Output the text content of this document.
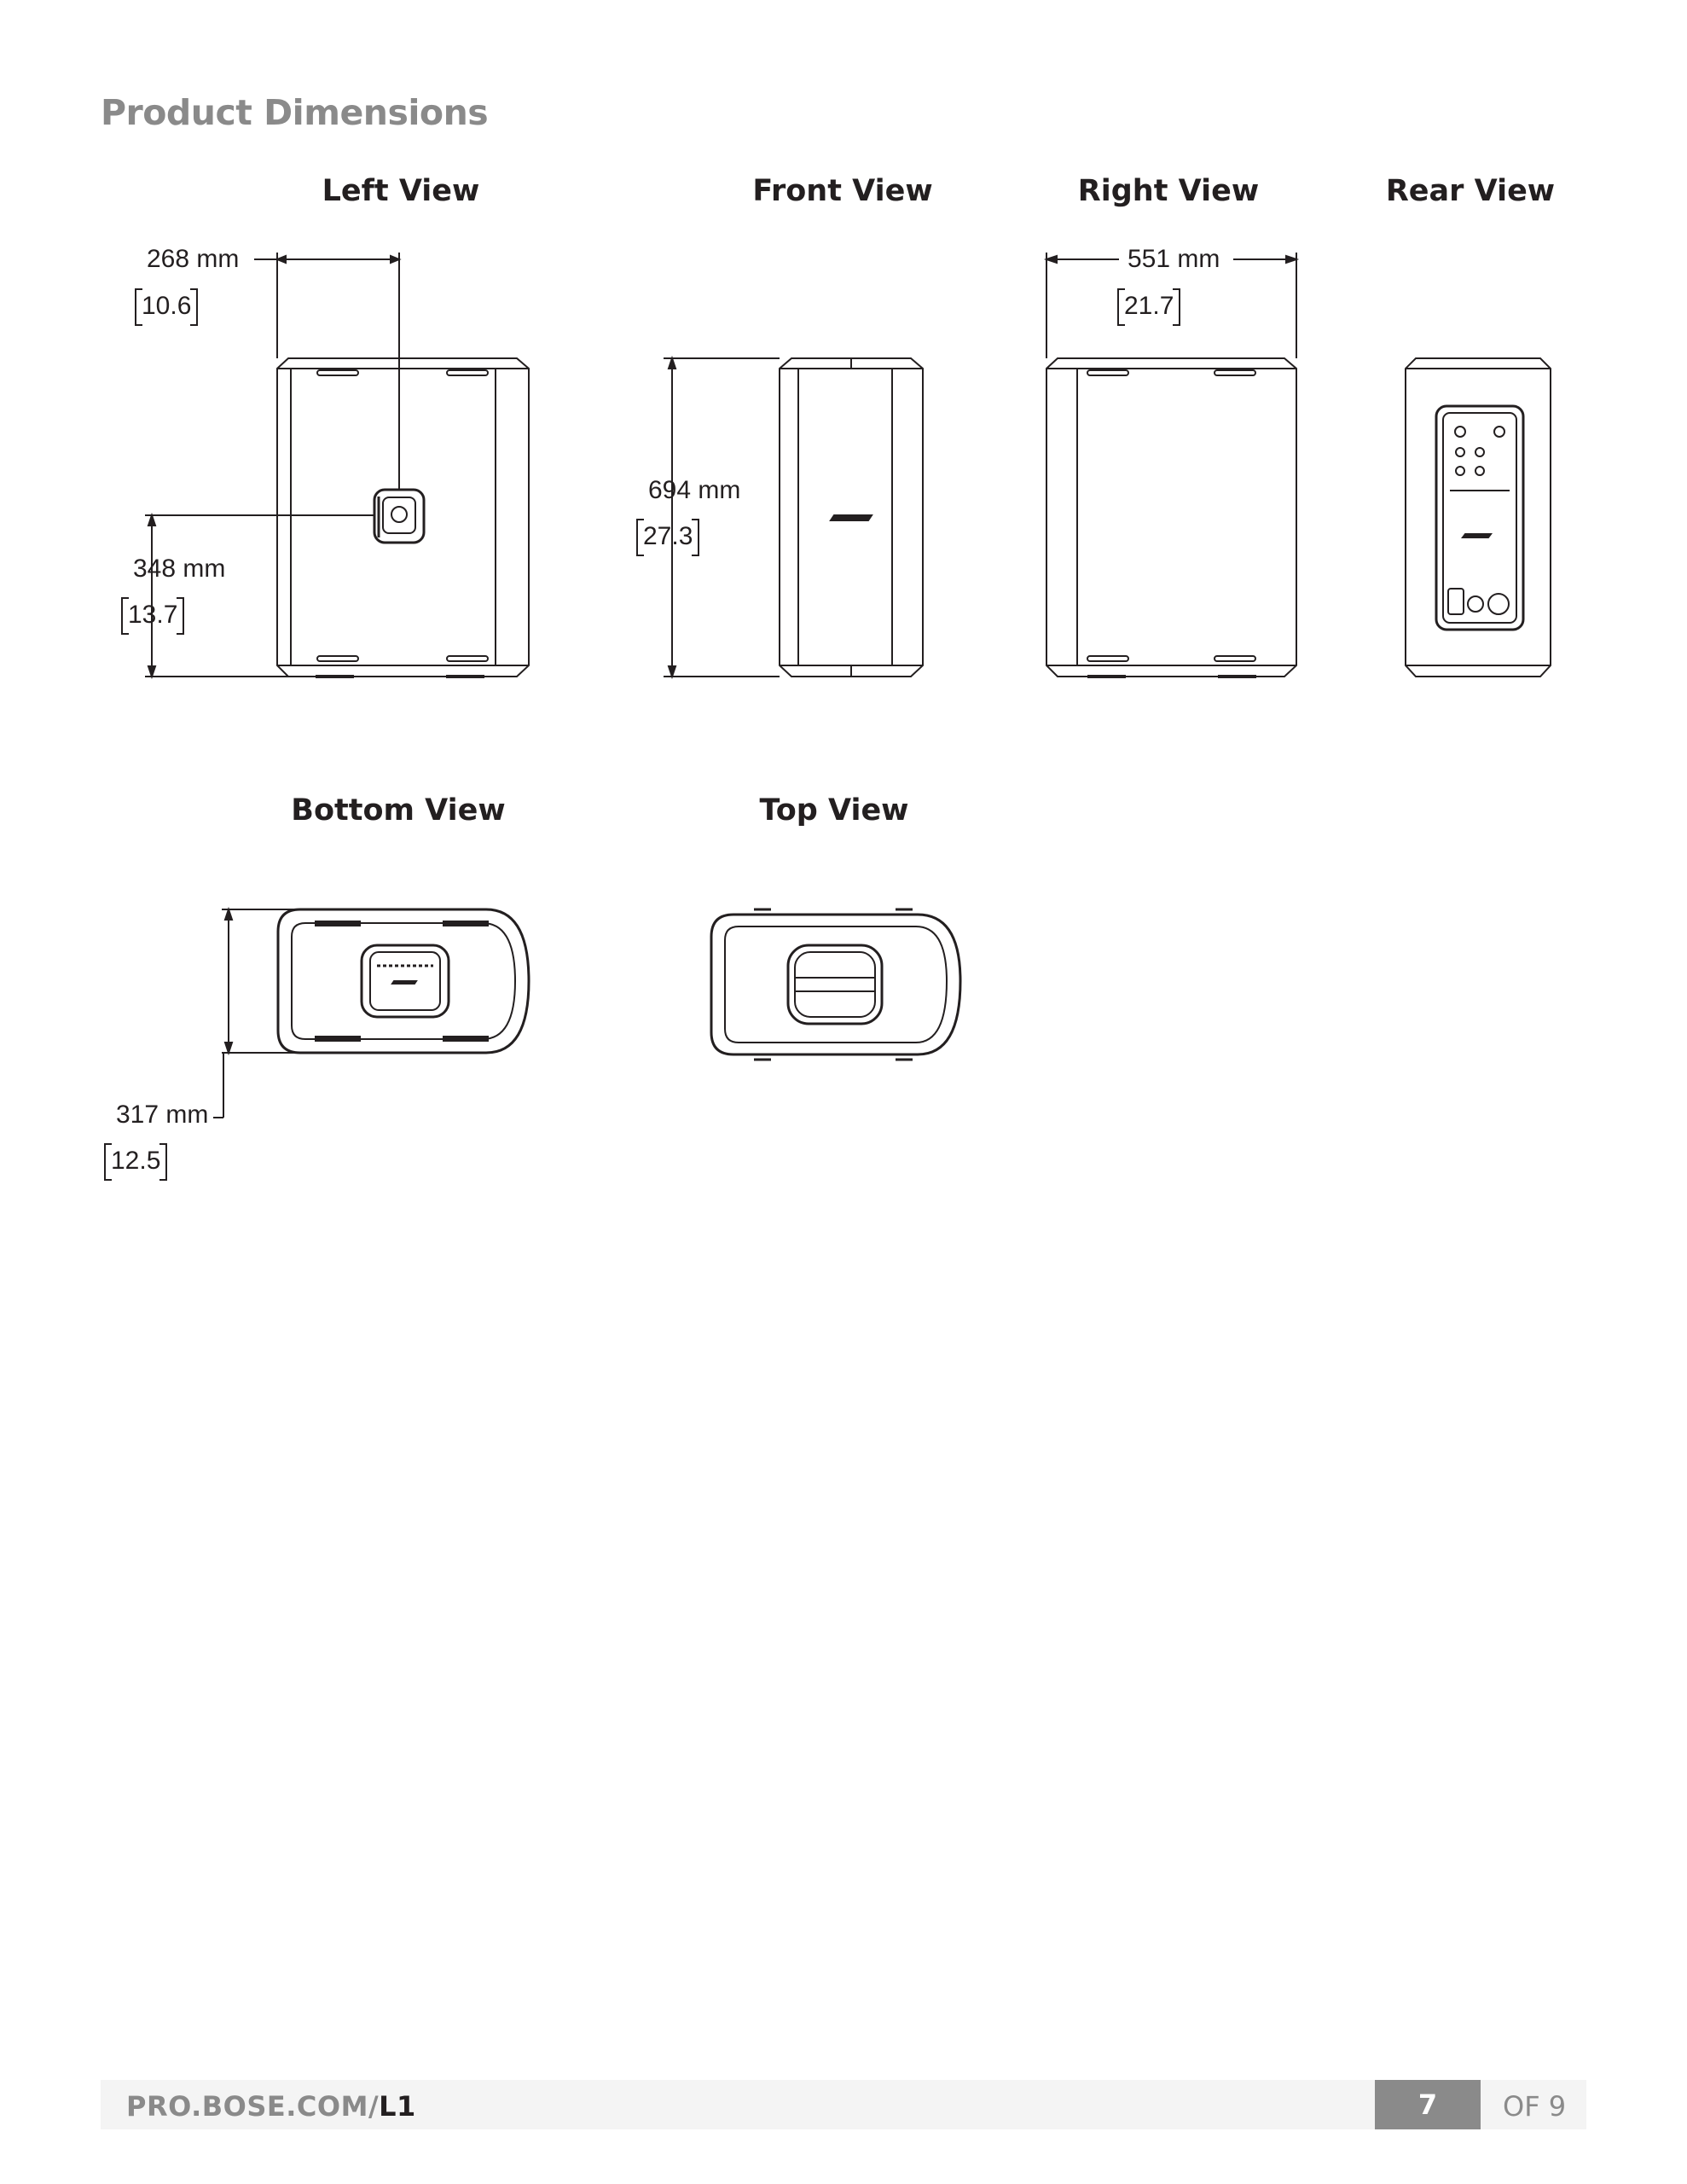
Product Dimensions
Left View	Front View	Right View	Rear View
Bottom View	Top View
268 mm
10.6
348 mm
13.7
694 mm
27.3
551 mm
21.7
317 mm
12.5
PRO.BOSE.COM/L1	7	OF 9
